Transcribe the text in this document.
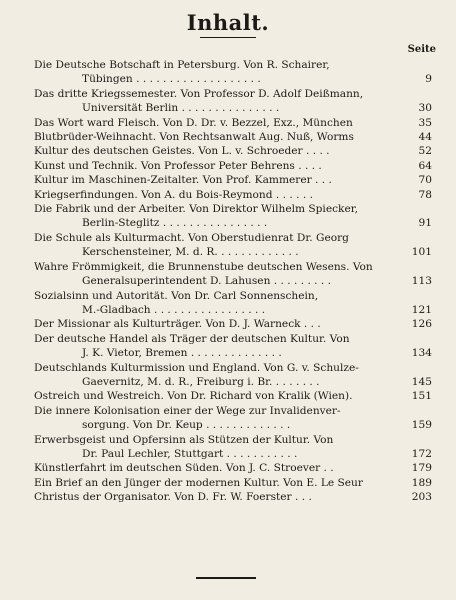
Inhalt.
Seite
Die Deutsche Botschaft in Petersburg. Von R. Schairer,
Tübingen . . . . . . . . . . . . . . . . . . .	9
Das dritte Kriegssemester. Von Professor D. Adolf Deißmann,
Universität Berlin . . . . . . . . . . . . . . .	30
Das Wort ward Fleisch. Von D. Dr. v. Bezzel, Exz., München	35
Blutbrüder-Weihnacht. Von Rechtsanwalt Aug. Nuß, Worms	44
Kultur des deutschen Geistes. Von L. v. Schroeder . . . .	52
Kunst und Technik. Von Professor Peter Behrens . . . .	64
Kultur im Maschinen-Zeitalter. Von Prof. Kammerer . . .	70
Kriegserfindungen. Von A. du Bois-Reymond . . . . . .	78
Die Fabrik und der Arbeiter. Von Direktor Wilhelm Spiecker,
Berlin-Steglitz . . . . . . . . . . . . . . . .	91
Die Schule als Kulturmacht. Von Oberstudienrat Dr. Georg
Kerschensteiner, M. d. R. . . . . . . . . . . . .	101
Wahre Frömmigkeit, die Brunnenstube deutschen Wesens. Von
Generalsuperintendent D. Lahusen . . . . . . . . .	113
Sozialsinn und Autorität. Von Dr. Carl Sonnenschein,
M.-Gladbach . . . . . . . . . . . . . . . . .	121
Der Missionar als Kulturträger. Von D. J. Warneck . . .	126
Der deutsche Handel als Träger der deutschen Kultur. Von
J. K. Vietor, Bremen . . . . . . . . . . . . . .	134
Deutschlands Kulturmission und England. Von G. v. Schulze-
Gaevernitz, M. d. R., Freiburg i. Br. . . . . . . .	145
Ostreich und Westreich. Von Dr. Richard von Kralik (Wien).	151
Die innere Kolonisation einer der Wege zur Invalidenver-
sorgung. Von Dr. Keup . . . . . . . . . . . . .	159
Erwerbsgeist und Opfersinn als Stützen der Kultur. Von
Dr. Paul Lechler, Stuttgart . . . . . . . . . . .	172
Künstlerfahrt im deutschen Süden. Von J. C. Stroever . .	179
Ein Brief an den Jünger der modernen Kultur. Von E. Le Seur	189
Christus der Organisator. Von D. Fr. W. Foerster . . .	203
